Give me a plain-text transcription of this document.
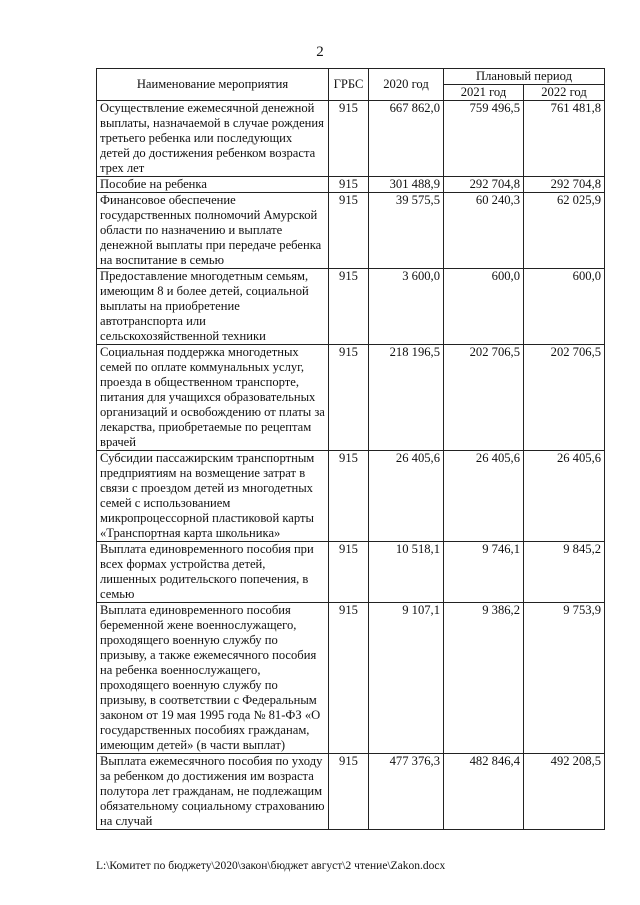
2
Наименование мероприятия	ГРБС	2020 год	Плановый период	
			2021 год	2022 год
Осуществление ежемесячной денежной выплаты, назначаемой в случае рождения третьего ребенка или последующих детей до достижения ребенком возраста трех лет	915	667 862,0	759 496,5	761 481,8
Пособие на ребенка	915	301 488,9	292 704,8	292 704,8
Финансовое обеспечение государственных полномочий Амурской области по назначению и выплате денежной выплаты при передаче ребенка на воспитание в семью	915	39 575,5	60 240,3	62 025,9
Предоставление многодетным семьям, имеющим 8 и более детей, социальной выплаты на приобретение автотранспорта или сельскохозяйственной техники	915	3 600,0	600,0	600,0
Социальная поддержка многодетных семей по оплате коммунальных услуг, проезда в общественном транспорте, питания для учащихся образовательных организаций и освобождению от платы за лекарства, приобретаемые по рецептам врачей	915	218 196,5	202 706,5	202 706,5
Субсидии пассажирским транспортным предприятиям на возмещение затрат в связи с проездом детей из многодетных семей с использованием микропроцессорной пластиковой карты «Транспортная карта школьника»	915	26 405,6	26 405,6	26 405,6
Выплата единовременного пособия при всех формах устройства детей, лишенных родительского попечения, в семью	915	10 518,1	9 746,1	9 845,2
Выплата единовременного пособия беременной жене военнослужащего, проходящего военную службу по призыву, а также ежемесячного пособия на ребенка военнослужащего, проходящего военную службу по призыву, в соответствии с Федеральным законом от 19 мая 1995 года № 81-ФЗ «О государственных пособиях гражданам, имеющим детей» (в части выплат)	915	9 107,1	9 386,2	9 753,9
Выплата ежемесячного пособия по уходу за ребенком до достижения им возраста полутора лет гражданам, не подлежащим обязательному социальному страхованию на случай	915	477 376,3	482 846,4	492 208,5
L:\Комитет по бюджету\2020\закон\бюджет август\2 чтение\Zakon.docx
